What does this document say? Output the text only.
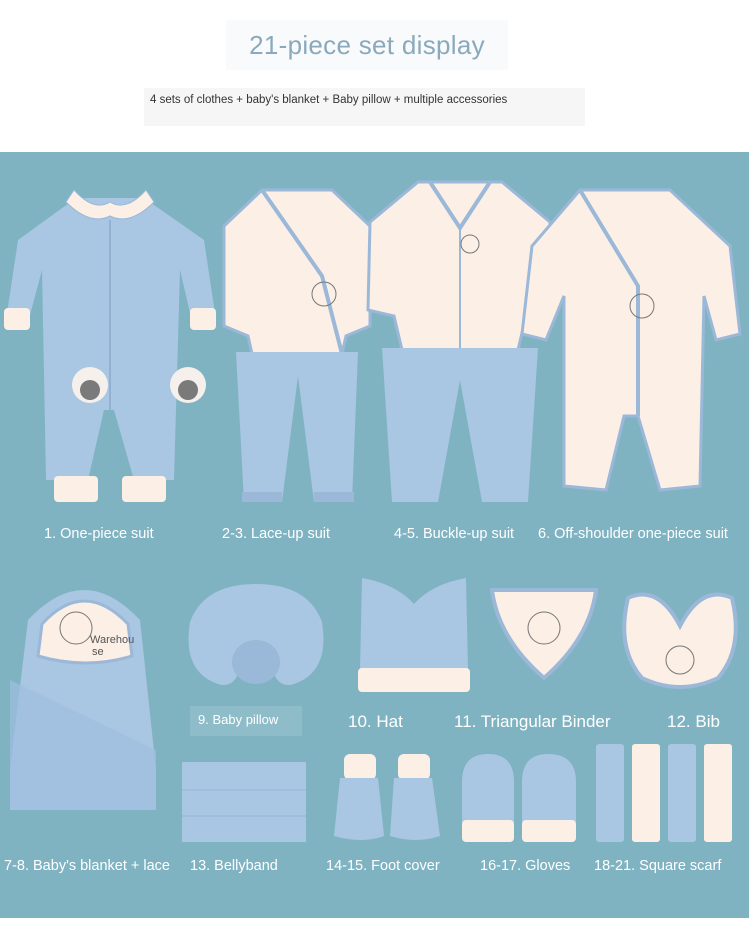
21-piece set display
4 sets of clothes + baby's blanket + Baby pillow + multiple accessories
1. One-piece suit	2-3. Lace-up suit	4-5. Buckle-up suit 6. Off-shoulder one-piece suit
Warehou
se
9. Baby pillow	10. Hat	11. Triangular Binder	12. Bib
7-8. Baby's blanket + lace 13. Bellyband	14-15. Foot cover	16-17. Gloves 18-21. Square scarf
